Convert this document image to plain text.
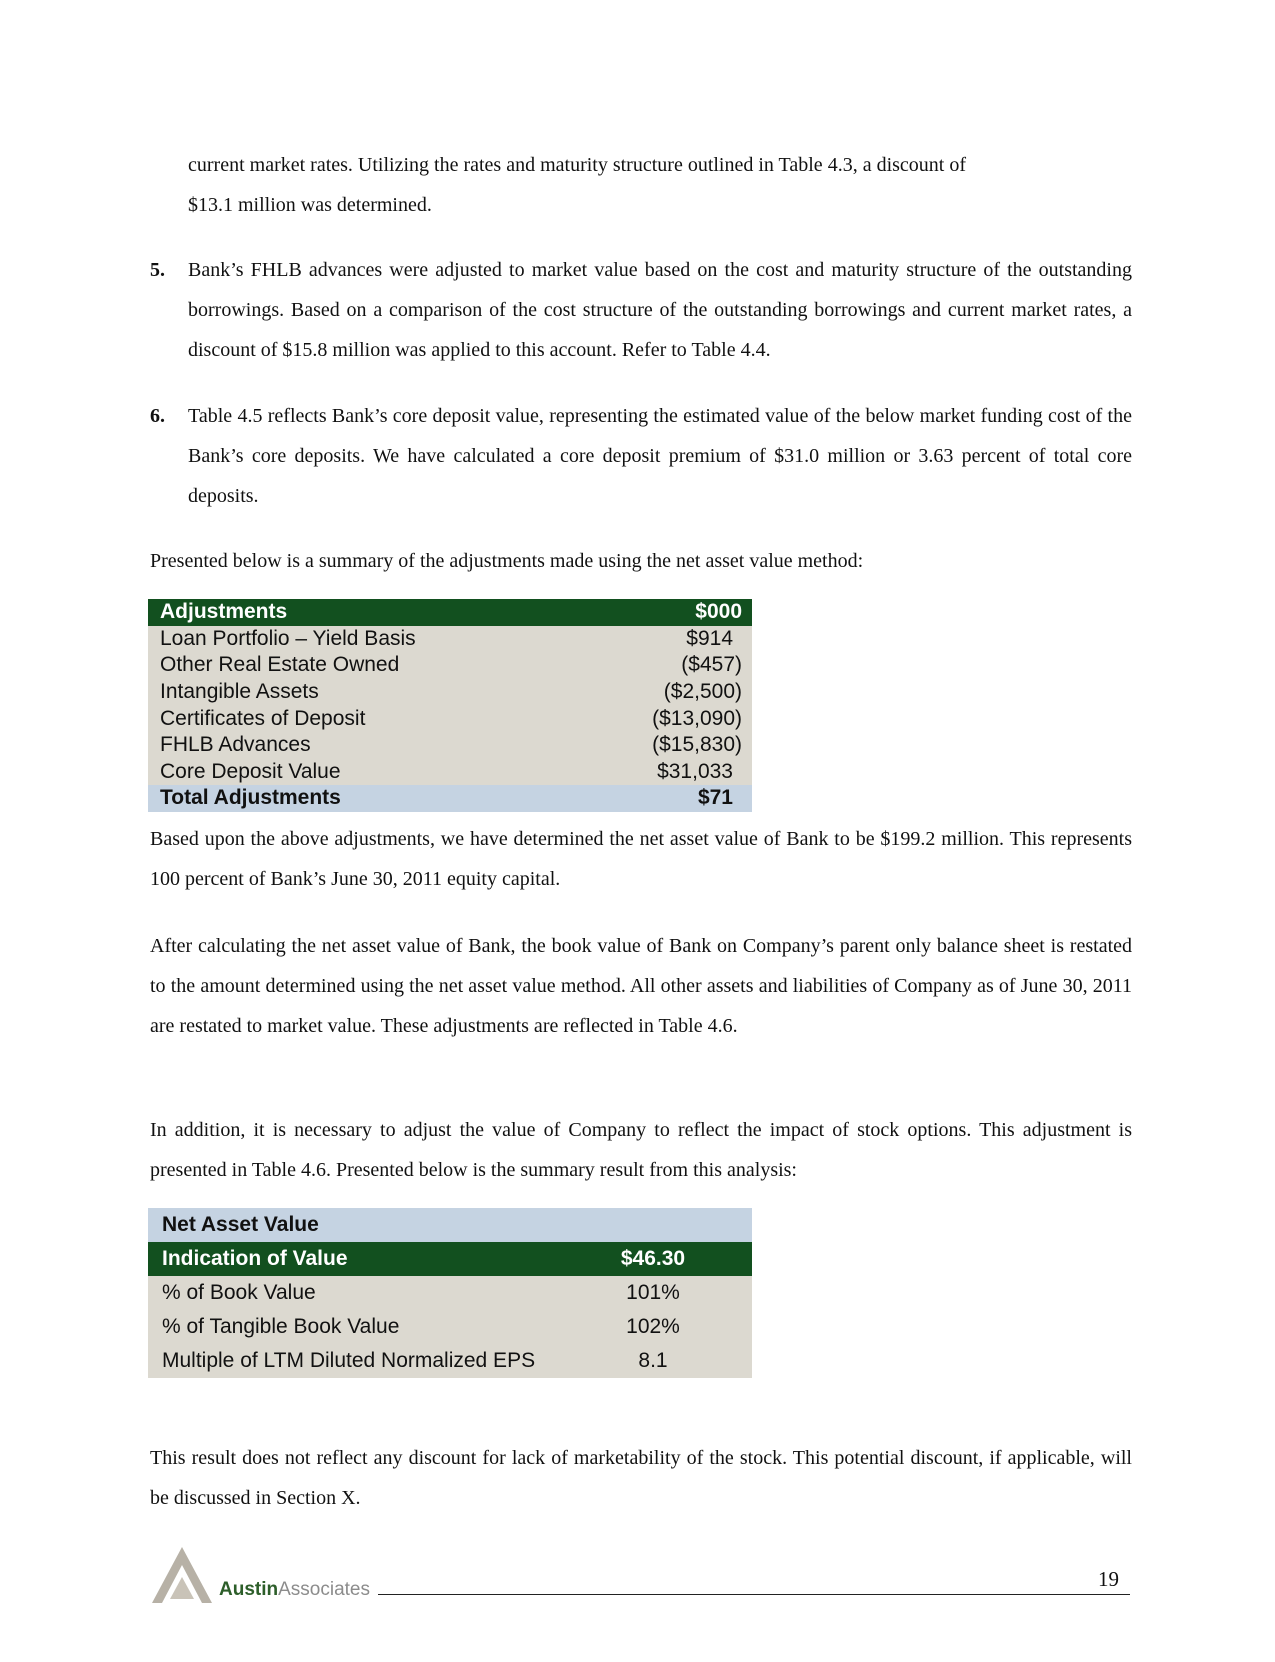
current market rates. Utilizing the rates and maturity structure outlined in Table 4.3, a discount of

$13.1 million was determined.

5. Bank’s FHLB advances were adjusted to market value based on the cost and maturity structure of the outstanding borrowings. Based on a comparison of the cost structure of the outstanding borrowings and current market rates, a discount of $15.8 million was applied to this account. Refer to Table 4.4.

6. Table 4.5 reflects Bank’s core deposit value, representing the estimated value of the below market funding cost of the Bank’s core deposits. We have calculated a core deposit premium of $31.0 million or 3.63 percent of total core deposits.

Presented below is a summary of the adjustments made using the net asset value method:

Adjustments	$000
Loan Portfolio – Yield Basis	$914
Other Real Estate Owned	($457)
Intangible Assets	($2,500)
Certificates of Deposit	($13,090)
FHLB Advances	($15,830)
Core Deposit Value	$31,033
Total Adjustments	$71

Based upon the above adjustments, we have determined the net asset value of Bank to be $199.2 million. This represents 100 percent of Bank’s June 30, 2011 equity capital.

After calculating the net asset value of Bank, the book value of Bank on Company’s parent only balance sheet is restated to the amount determined using the net asset value method. All other assets and liabilities of Company as of June 30, 2011 are restated to market value. These adjustments are reflected in Table 4.6.

In addition, it is necessary to adjust the value of Company to reflect the impact of stock options. This adjustment is presented in Table 4.6. Presented below is the summary result from this analysis:

Net Asset Value	
Indication of Value	$46.30
% of Book Value	101%
% of Tangible Book Value	102%
Multiple of LTM Diluted Normalized EPS	8.1

This result does not reflect any discount for lack of marketability of the stock. This potential discount, if applicable, will be discussed in Section X.

AustinAssociates	19
